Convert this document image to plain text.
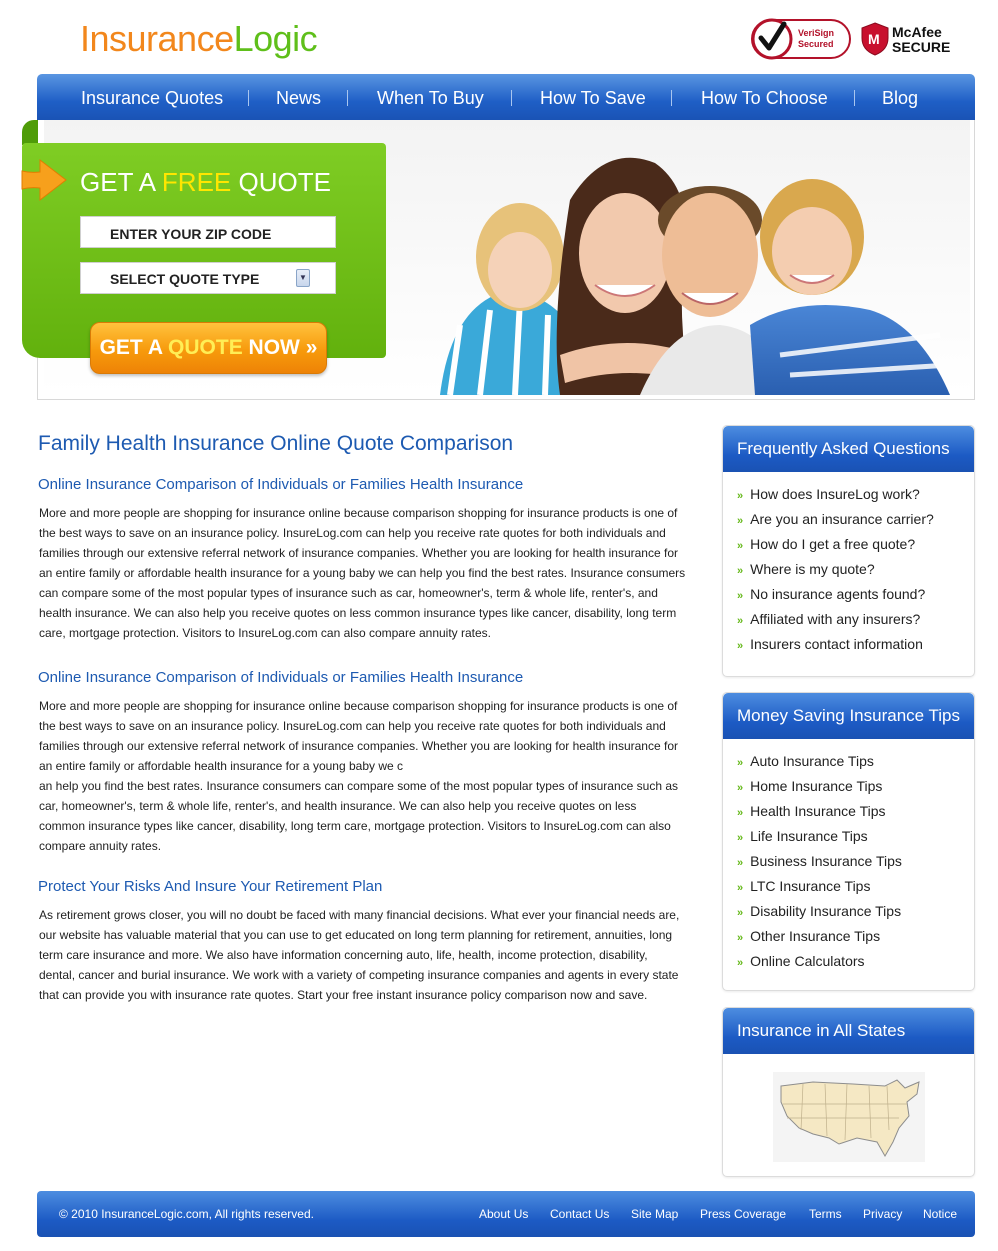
InsuranceLogic	VeriSign
Secured M McAfee
SECURE
Insurance Quotes	News	When To Buy	How To Save	How To Choose	Blog
GET A FREE QUOTE
ENTER YOUR ZIP CODE
SELECT QUOTE TYPE	▼
GET A QUOTE NOW »
Family Health Insurance Online Quote Comparison
Online Insurance Comparison of Individuals or Families Health Insurance
More and more people are shopping for insurance online because comparison shopping for insurance products is one of
the best ways to save on an insurance policy. InsureLog.com can help you receive rate quotes for both individuals and
families through our extensive referral network of insurance companies. Whether you are looking for health insurance for
an entire family or affordable health insurance for a young baby we can help you find the best rates. Insurance consumers
can compare some of the most popular types of insurance such as car, homeowner's, term & whole life, renter's, and
health insurance. We can also help you receive quotes on less common insurance types like cancer, disability, long term
care, mortgage protection. Visitors to InsureLog.com can also compare annuity rates.
Online Insurance Comparison of Individuals or Families Health Insurance
More and more people are shopping for insurance online because comparison shopping for insurance products is one of
the best ways to save on an insurance policy. InsureLog.com can help you receive rate quotes for both individuals and
families through our extensive referral network of insurance companies. Whether you are looking for health insurance for
an entire family or affordable health insurance for a young baby we c
an help you find the best rates. Insurance consumers can compare some of the most popular types of insurance such as
car, homeowner's, term & whole life, renter's, and health insurance. We can also help you receive quotes on less
common insurance types like cancer, disability, long term care, mortgage protection. Visitors to InsureLog.com can also
compare annuity rates.
Protect Your Risks And Insure Your Retirement Plan
As retirement grows closer, you will no doubt be faced with many financial decisions. What ever your financial needs are,
our website has valuable material that you can use to get educated on long term planning for retirement, annuities, long
term care insurance and more. We also have information concerning auto, life, health, income protection, disability,
dental, cancer and burial insurance. We work with a variety of competing insurance companies and agents in every state
that can provide you with insurance rate quotes. Start your free instant insurance policy comparison now and save.
Frequently Asked Questions
» How does InsureLog work?
» Are you an insurance carrier?
» How do I get a free quote?
» Where is my quote?
» No insurance agents found?
» Affiliated with any insurers?
» Insurers contact information
Money Saving Insurance Tips
» Auto Insurance Tips
» Home Insurance Tips
» Health Insurance Tips
» Life Insurance Tips
» Business Insurance Tips
» LTC Insurance Tips
» Disability Insurance Tips
» Other Insurance Tips
» Online Calculators
Insurance in All States
© 2010 InsuranceLogic.com, All rights reserved.	About Us Contact Us Site Map Press Coverage Terms Privacy Notice
